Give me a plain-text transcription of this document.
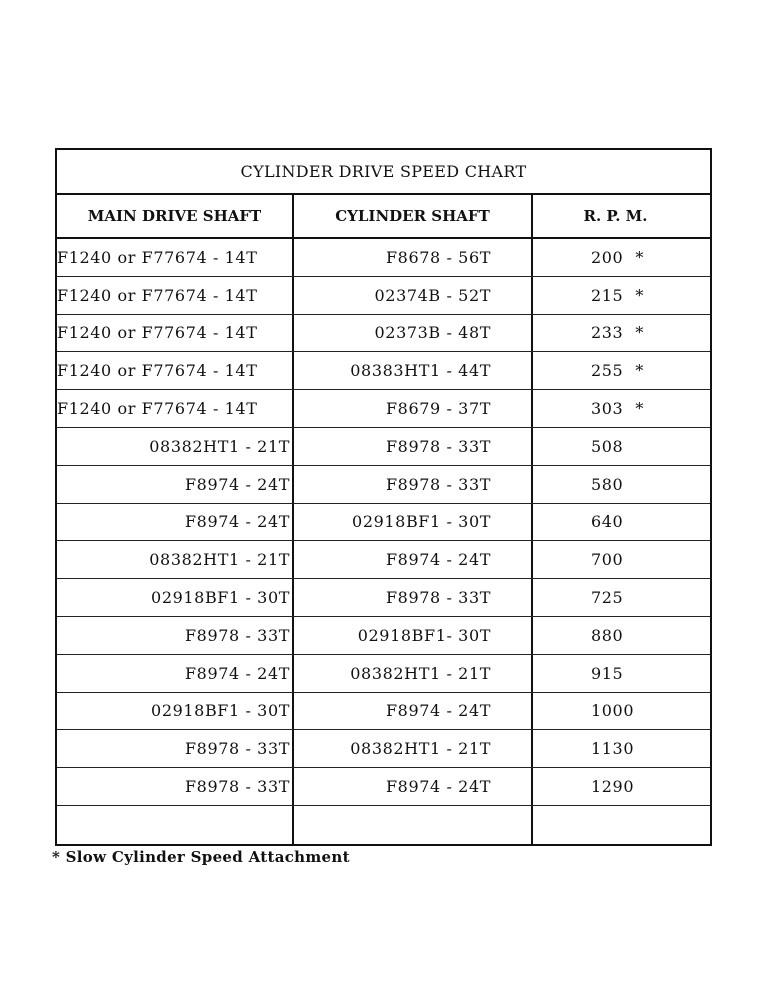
CYLINDER DRIVE SPEED CHART
MAIN DRIVE SHAFT	CYLINDER SHAFT	R. P. M.
F1240 or F77674 - 14T	F8678 - 56T	200 *
F1240 or F77674 - 14T	02374B - 52T	215 *
F1240 or F77674 - 14T	02373B - 48T	233 *
F1240 or F77674 - 14T	08383HT1 - 44T	255 *
F1240 or F77674 - 14T	F8679 - 37T	303 *
08382HT1 - 21T	F8978 - 33T	508
F8974 - 24T	F8978 - 33T	580
F8974 - 24T	02918BF1 - 30T	640
08382HT1 - 21T	F8974 - 24T	700
02918BF1 - 30T	F8978 - 33T	725
F8978 - 33T	02918BF1- 30T	880
F8974 - 24T	08382HT1 - 21T	915
02918BF1 - 30T	F8974 - 24T	1000
F8978 - 33T	08382HT1 - 21T	1130
F8978 - 33T	F8974 - 24T	1290
* Slow Cylinder Speed Attachment
